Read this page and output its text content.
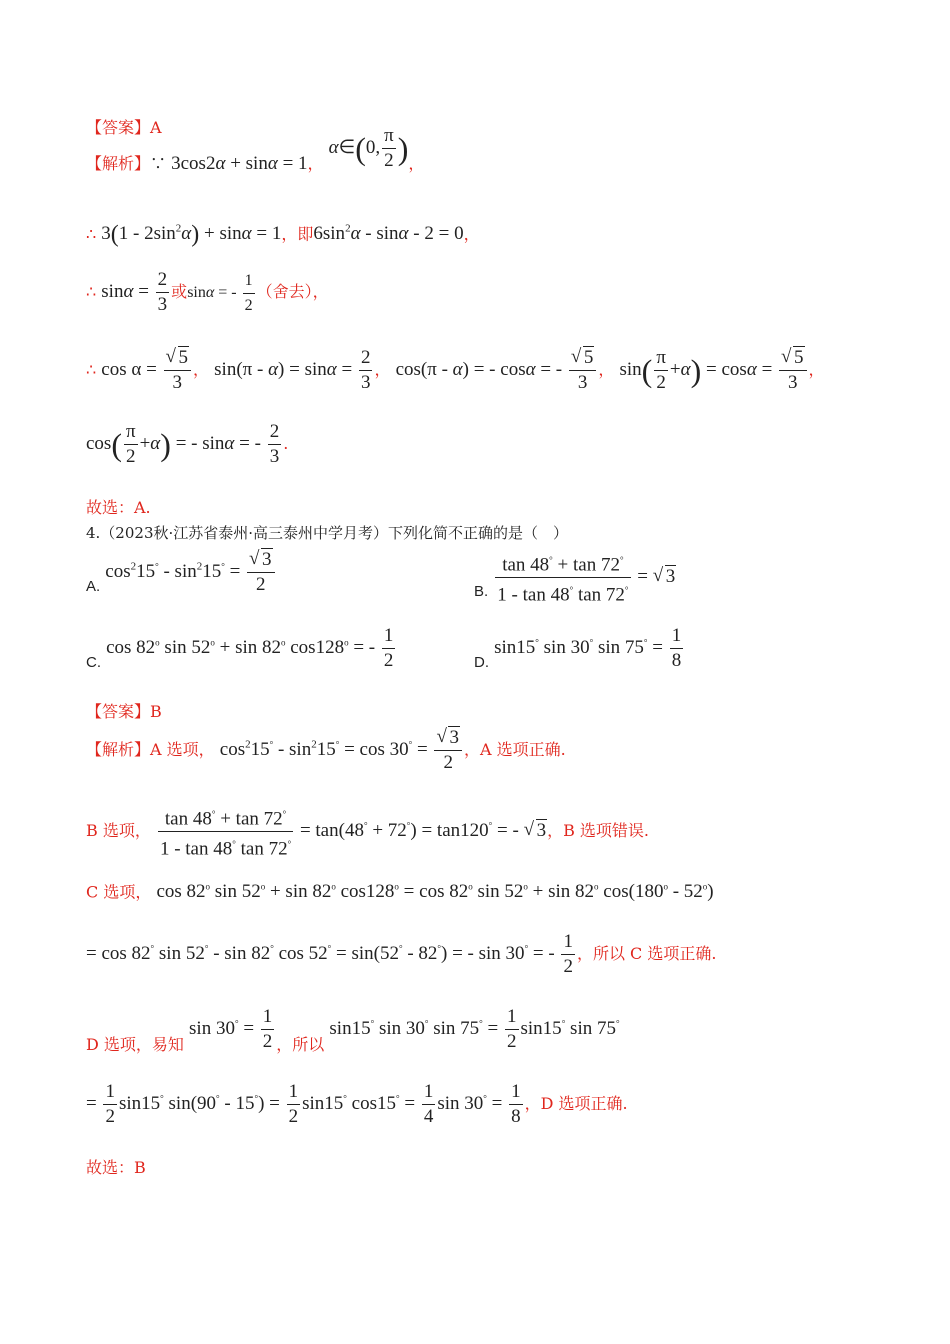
【答案】A
【解析】∵ 3cos2α + sinα = 1， α∈(0, $\frac{\pi}{2}$ )，
∴ $3(1 - 2\sin^2\alpha) + \sin\alpha = 1$，即$6\sin^2\alpha - \sin\alpha - 2 = 0$，
∴ $\sin\alpha = \frac{2}{3}$ 或sinα = - $\frac{1}{2}$ （舍去），
∴ cos α = √ $\frac{5}{3}$ ， $\sin(\pi - \alpha) = \sin\alpha = \frac{2}{3}$ ， cos(π - α) = - cosα = - √ $\frac{5}{3}$ ， $\sin( \frac{\pi}{2} +\alpha) = \cos\alpha$ = √ $\frac{5}{3}$ ，
$\cos( \frac{\pi}{2} +\alpha)$ = - sinα = - $\frac{2}{3}$ .
故选：A.
4.（2023秋·江苏省泰州·高三泰州中学月考）下列化简不正确的是（　）
A. $\cos^215^\circ - \sin^215^\circ$ = √ $\frac{3}{2}$	B. $\frac{\tan 48^\circ + \tan 72^\circ}{1 - \tan 48^\circ \tan 72^\circ}$ = √ 3
C. cos 82$^o$ $\sin 52^o + \sin 82^o$ $\cos 128^o$ = - $\frac{1}{2}$	D. sin15° sin 30° $\sin 75^\circ = \frac{1}{8}$
【答案】B
【解析】A 选项， $\cos^215^\circ - \sin^215^\circ = \cos 30^\circ$ = √ $\frac{3}{2}$ ，A 选项正确.
B 选项， $\frac{\tan 48^\circ + \tan 72^\circ}{1 - \tan 48^\circ \tan 72^\circ} = \tan(48^\circ + 72^\circ) = \tan 120^\circ$ = - √ 3，B 选项错误.
C 选项， cos 82$^o$ $\sin 52^o + \sin 82^o$ $\cos 128^o = \cos 82^o$ $\sin 52^o + \sin 82^o$ $\cos(180^o - 52^o)$
= cos 82° sin 52° - sin 82° cos 52° = sin(52° - 82°) = - sin 30° = - $\frac{1}{2}$ ，所以 C 选项正确.
D 选项，易知 $\sin 30^\circ = \frac{1}{2}$ ，所以 sin15° sin 30° $\sin 75^\circ = \frac{1}{2} \sin 15^\circ$ sin 75°
= $\frac{1}{2} \sin 15^\circ$ $\sin(90^\circ - 15^\circ) = \frac{1}{2} \sin 15^\circ$ $\cos 15^\circ = \frac{1}{4}$ $\sin 30^\circ = \frac{1}{8}$ ，D 选项正确.
故选：B
